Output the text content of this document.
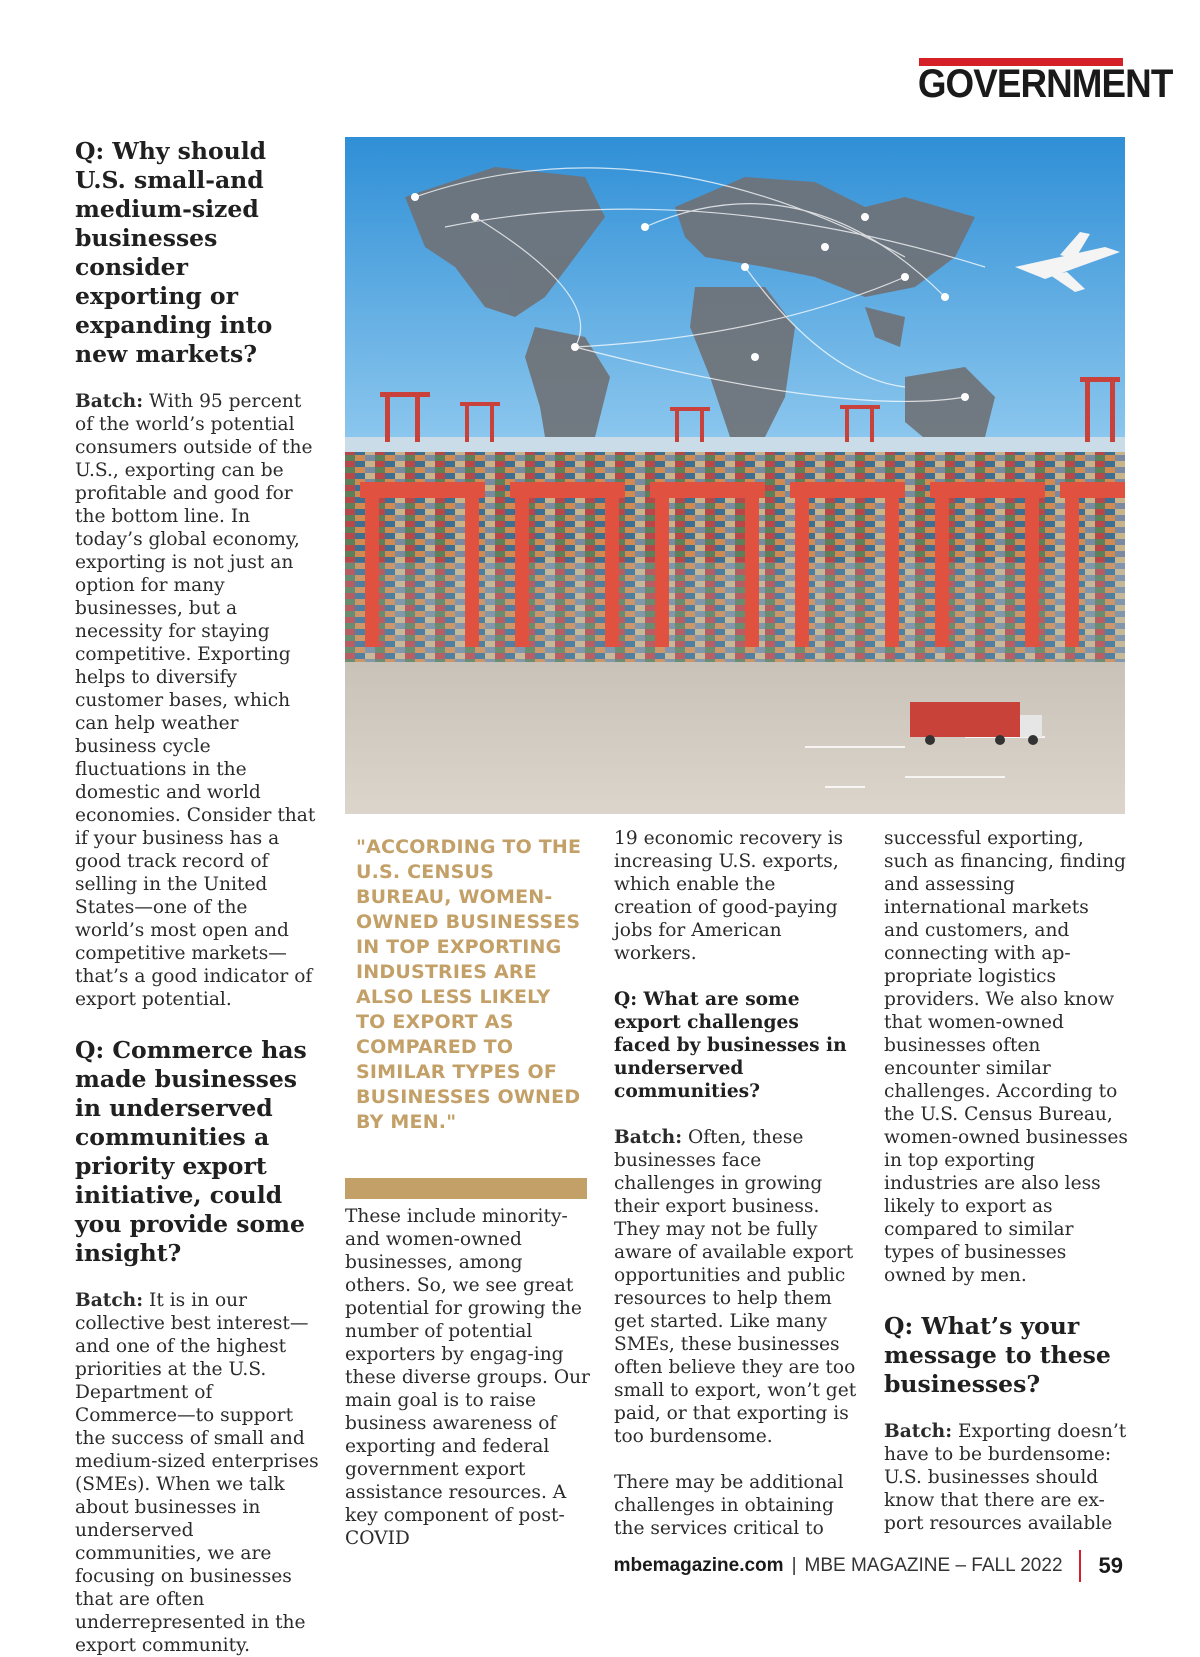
GOVERNMENT

Q: Why should U.S. small-and medium-sized businesses consider exporting or expanding into new markets?

Batch: With 95 percent of the world’s potential consumers outside of the U.S., exporting can be profitable and good for the bottom line. In today’s global economy, exporting is not just an option for many businesses, but a necessity for staying competitive. Exporting helps to diversify customer bases, which can help weather business cycle fluctuations in the domestic and world economies. Consider that if your business has a good track record of selling in the United States—one of the world’s most open and competitive markets—that’s a good indicator of export potential.

Q: Commerce has made businesses in underserved communities a priority export initiative, could you provide some insight?

Batch: It is in our collective best interest—and one of the highest priorities at the U.S. Department of Commerce—to support the success of small and medium-sized enterprises (SMEs). When we talk about businesses in underserved communities, we are focusing on businesses that are often underrepresented in the export community.

"ACCORDING TO THE U.S. CENSUS BUREAU, WOMEN-OWNED BUSINESSES IN TOP EXPORTING INDUSTRIES ARE ALSO LESS LIKELY TO EXPORT AS COMPARED TO SIMILAR TYPES OF BUSINESSES OWNED BY MEN."

These include minority-and women-owned businesses, among others. So, we see great potential for growing the number of potential exporters by engag-ing these diverse groups. Our main goal is to raise business awareness of exporting and federal government export assistance resources. A key component of post-COVID

19 economic recovery is increasing U.S. exports, which enable the creation of good-paying jobs for American workers.

Q: What are some export challenges faced by businesses in underserved communities?

Batch: Often, these businesses face challenges in growing their export business. They may not be fully aware of available export opportunities and public resources to help them get started. Like many SMEs, these businesses often believe they are too small to export, won’t get paid, or that exporting is too burdensome.

There may be additional challenges in obtaining the services critical to

successful exporting, such as financing, finding and assessing international markets and customers, and connecting with ap-propriate logistics providers. We also know that women-owned businesses often encounter similar challenges. According to the U.S. Census Bureau, women-owned businesses in top exporting industries are also less likely to export as compared to similar types of businesses owned by men.

Q: What’s your message to these businesses?

Batch: Exporting doesn’t have to be burdensome: U.S. businesses should know that there are ex-port resources available

mbemagazine.com | MBE MAGAZINE – FALL 2022 59
